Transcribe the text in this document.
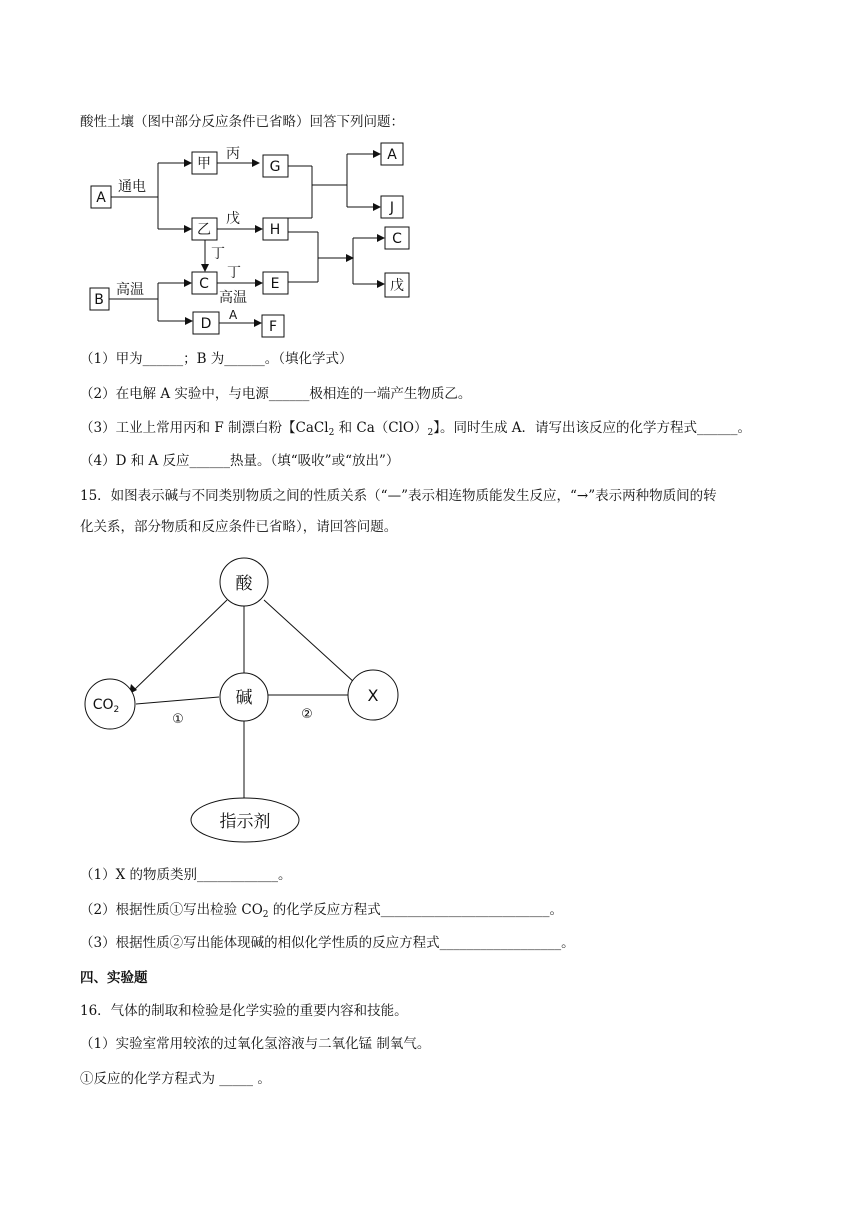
酸性土壤（图中部分反应条件已省略）回答下列问题：
A
甲	G
A
J
乙	H
C
戊
B
C	E
D	F
通电
丙
戊
丁
高温
丁
高温
A
（1）甲为______；B 为______。（填化学式）
（2）在电解 A 实验中，与电源______极相连的一端产生物质乙。
（3）工业上常用丙和 F 制漂白粉【CaCl$_2$ 和 $Ca(ClO)_2$】。同时生成 A．请写出该反应的化学方程式______。
（4）D 和 A 反应______热量。（填“吸收”或“放出”）
15．如图表示碱与不同类别物质之间的性质关系（“—”表示相连物质能发生反应，“→”表示两种物质间的转
化关系，部分物质和反应条件已省略），请回答问题。
酸
$CO_2$
碱	X
指示剂
①	②
（1）X 的物质类别____________。
（2）根据性质①写出检验 $CO_2$ 的化学反应方程式_________________________。
（3）根据性质②写出能体现碱的相似化学性质的反应方程式__________________。
四、实验题
16．气体的制取和检验是化学实验的重要内容和技能。
（1）实验室常用较浓的过氧化氢溶液与二氧化锰 制氧气。
①反应的化学方程式为 _____ 。
